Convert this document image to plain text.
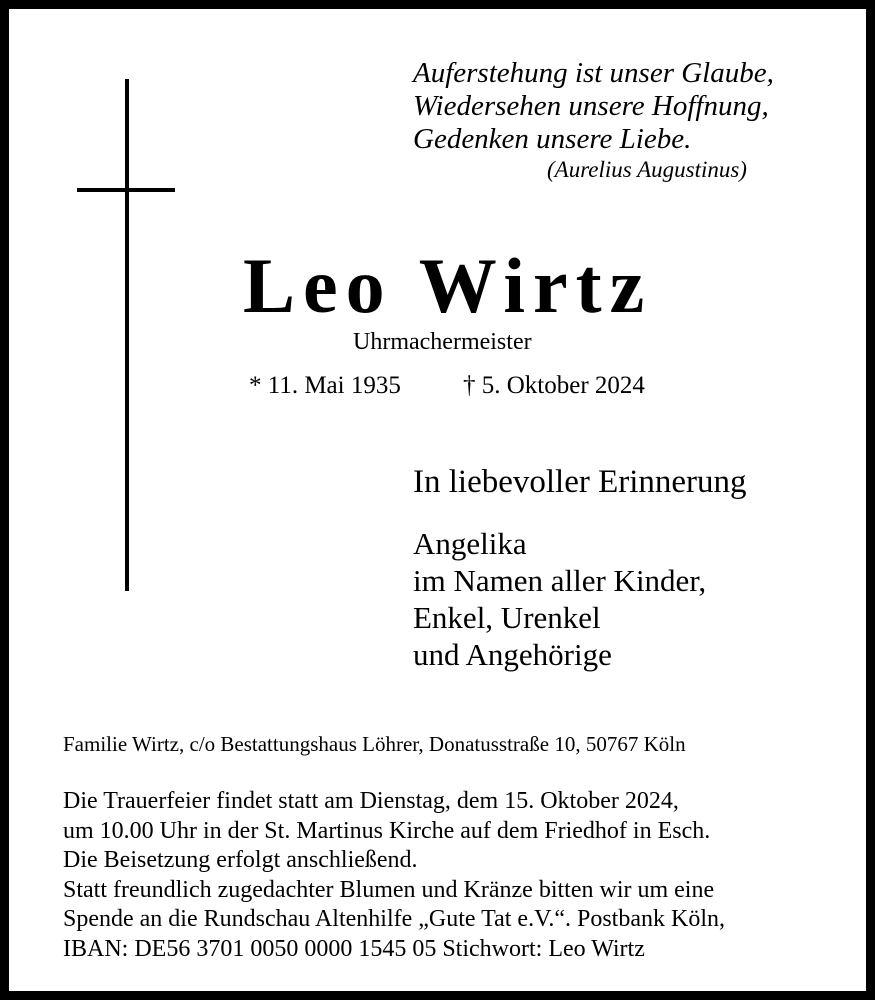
Auferstehung ist unser Glaube,
Wiedersehen unsere Hoffnung,
Gedenken unsere Liebe.
(Aurelius Augustinus)
Leo Wirtz
Uhrmachermeister
* 11. Mai 1935 † 5. Oktober 2024
In liebevoller Erinnerung
Angelika
im Namen aller Kinder,
Enkel, Urenkel
und Angehörige
Familie Wirtz, c/o Bestattungshaus Löhrer, Donatusstraße 10, 50767 Köln
Die Trauerfeier findet statt am Dienstag, dem 15. Oktober 2024,
um 10.00 Uhr in der St. Martinus Kirche auf dem Friedhof in Esch.
Die Beisetzung erfolgt anschließend.
Statt freundlich zugedachter Blumen und Kränze bitten wir um eine
Spende an die Rundschau Altenhilfe „Gute Tat e.V.“. Postbank Köln,
IBAN: DE56 3701 0050 0000 1545 05 Stichwort: Leo Wirtz
